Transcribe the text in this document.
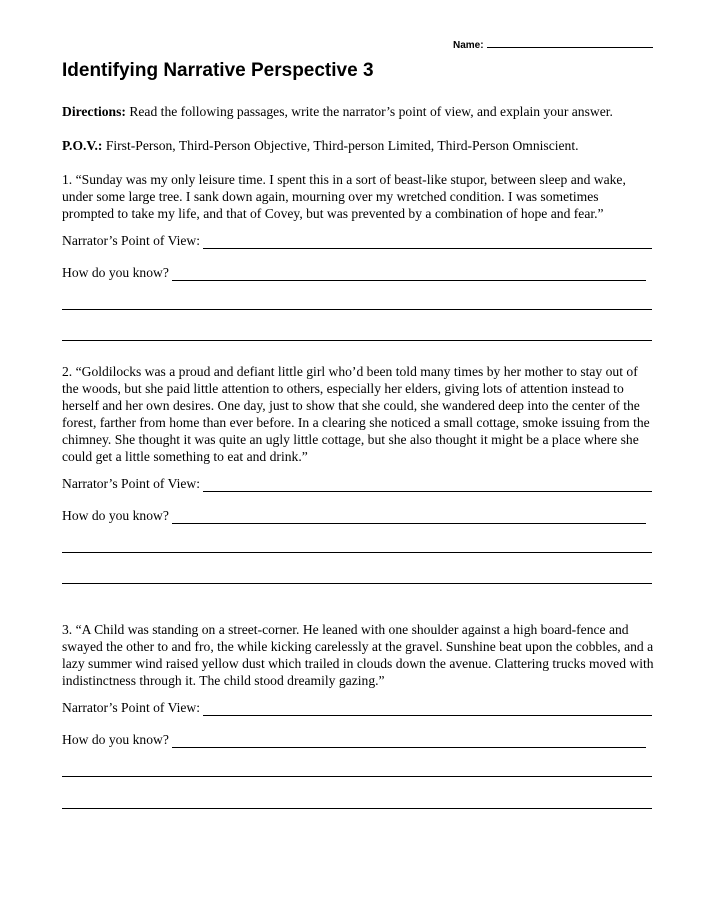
Name:
Identifying Narrative Perspective 3
Directions: Read the following passages, write the narrator’s point of view, and explain your answer.
P.O.V.: First-Person, Third-Person Objective, Third-person Limited, Third-Person Omniscient.
1. “Sunday was my only leisure time. I spent this in a sort of beast-like stupor, between sleep and wake, under some large tree. I sank down again, mourning over my wretched condition. I was sometimes prompted to take my life, and that of Covey, but was prevented by a combination of hope and fear.”
Narrator’s Point of View:
How do you know?
2. “Goldilocks was a proud and defiant little girl who’d been told many times by her mother to stay out of the woods, but she paid little attention to others, especially her elders, giving lots of attention instead to herself and her own desires. One day, just to show that she could, she wandered deep into the center of the forest, farther from home than ever before. In a clearing she noticed a small cottage, smoke issuing from the chimney. She thought it was quite an ugly little cottage, but she also thought it might be a place where she could get a little something to eat and drink.”
Narrator’s Point of View:
How do you know?
3. “A Child was standing on a street-corner. He leaned with one shoulder against a high board-fence and swayed the other to and fro, the while kicking carelessly at the gravel. Sunshine beat upon the cobbles, and a lazy summer wind raised yellow dust which trailed in clouds down the avenue. Clattering trucks moved with indistinctness through it. The child stood dreamily gazing.”
Narrator’s Point of View:
How do you know?
